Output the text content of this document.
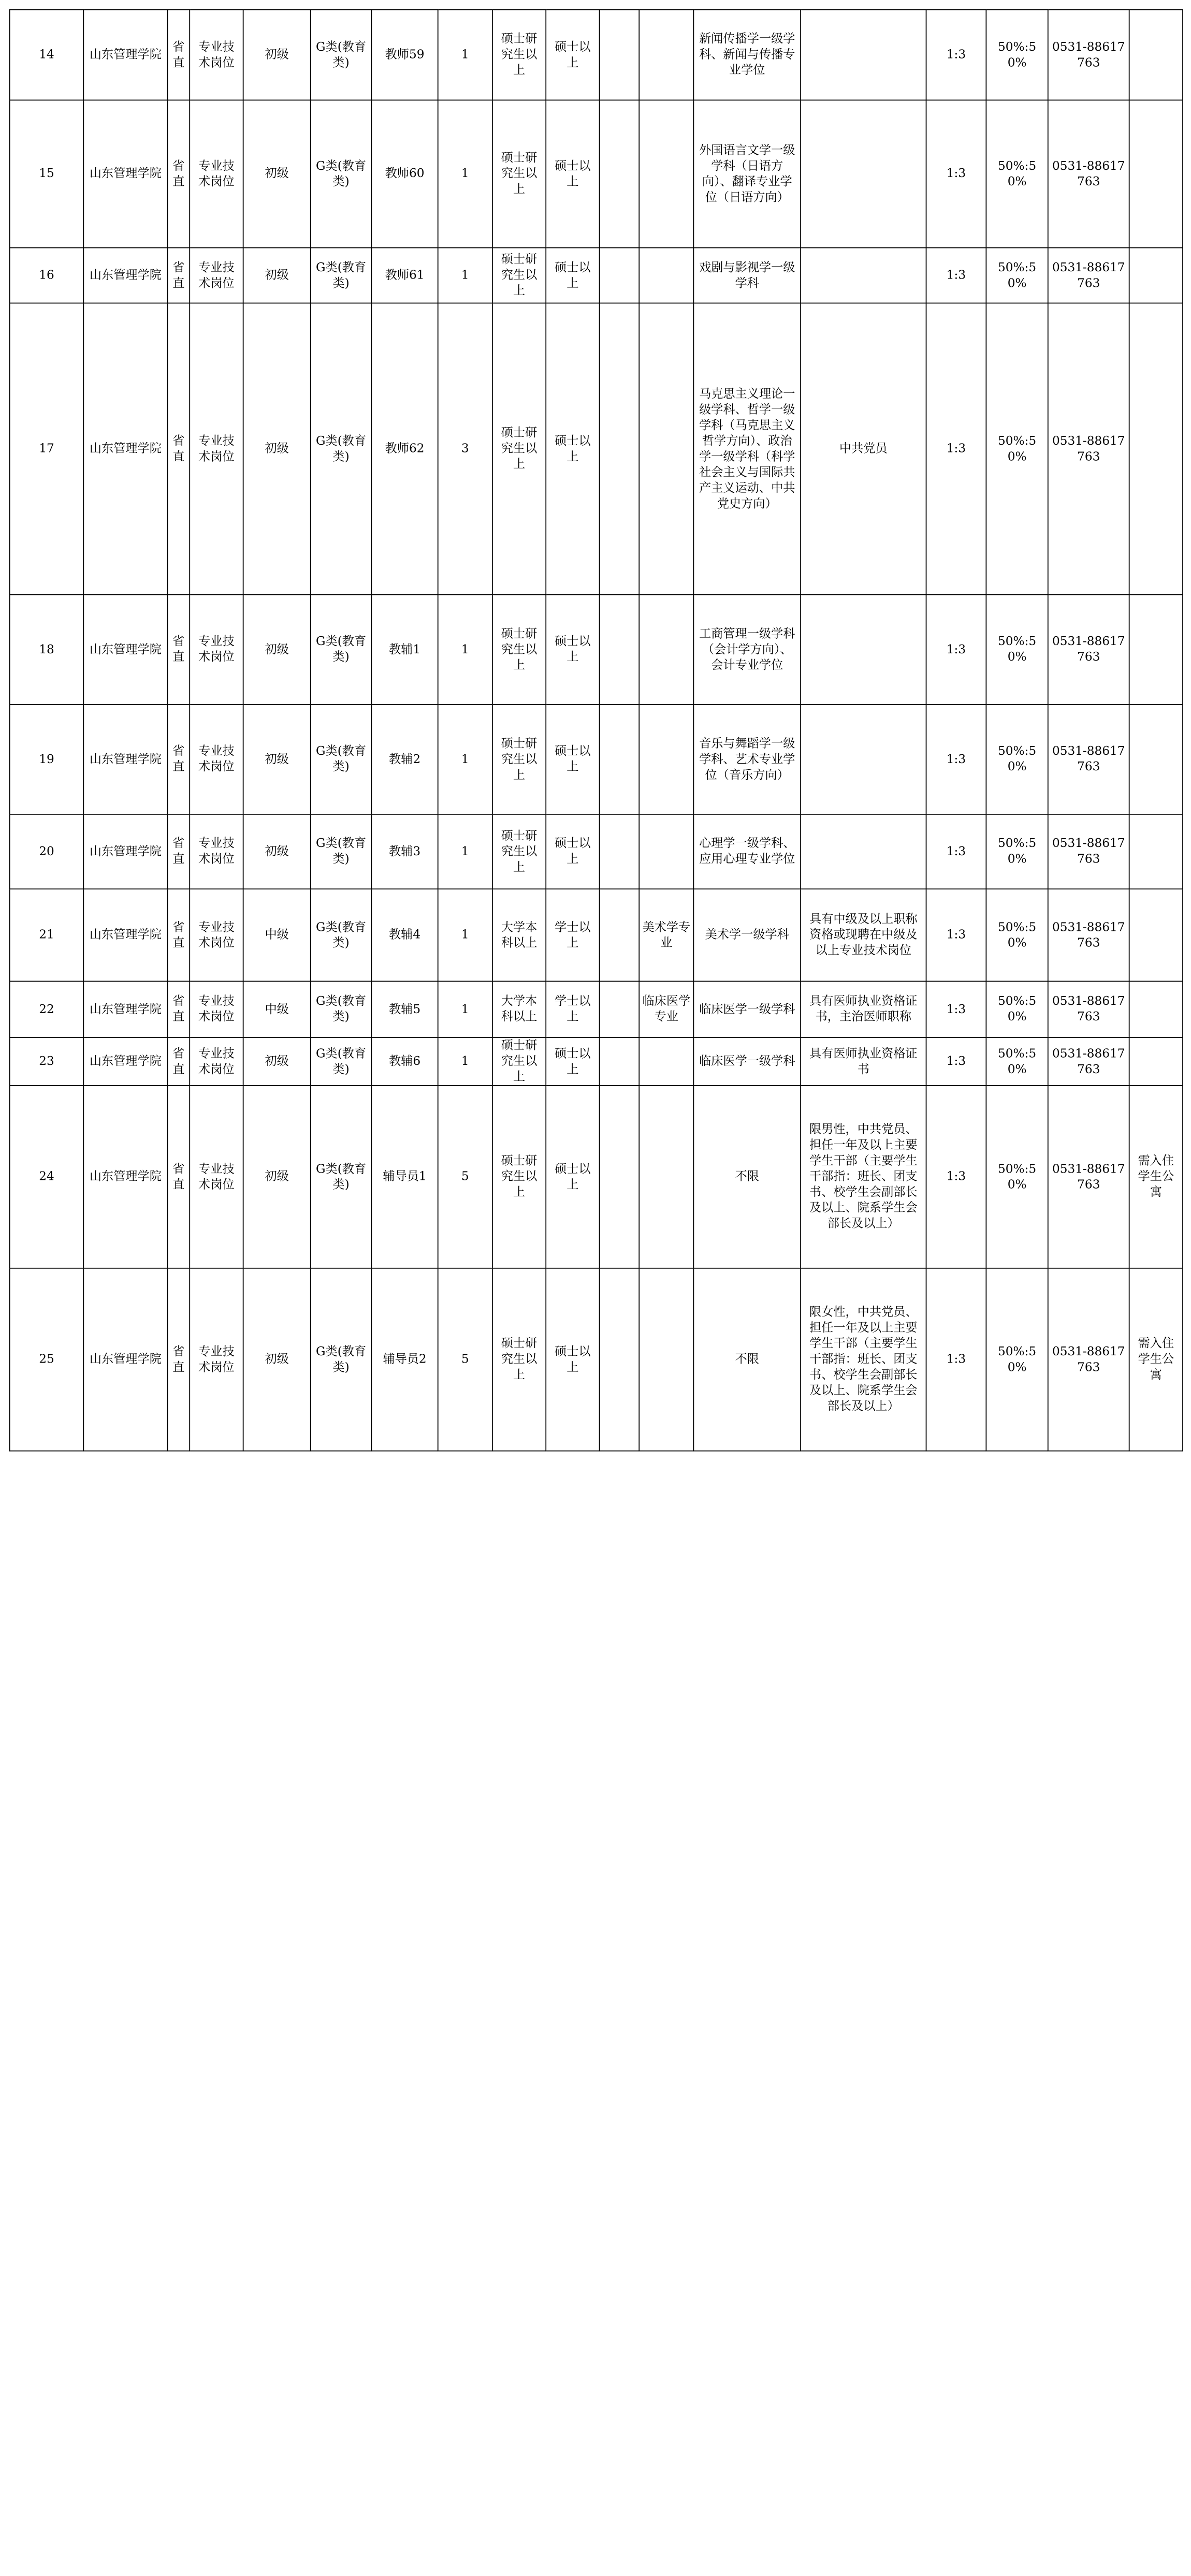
14	山东管理学院	省直	专业技术岗位	初级	G类(教育类)	教师59	1	硕士研究生以上	硕士以上			新闻传播学一级学科、新闻与传播专业学位		1:3	50%:50%	0531-88617763	
15	山东管理学院	省直	专业技术岗位	初级	G类(教育类)	教师60	1	硕士研究生以上	硕士以上			外国语言文学一级学科（日语方向）、翻译专业学位（日语方向）		1:3	50%:50%	0531-88617763	
16	山东管理学院	省直	专业技术岗位	初级	G类(教育类)	教师61	1	硕士研究生以上	硕士以上			戏剧与影视学一级学科		1:3	50%:50%	0531-88617763	
17	山东管理学院	省直	专业技术岗位	初级	G类(教育类)	教师62	3	硕士研究生以上	硕士以上			马克思主义理论一级学科、哲学一级学科（马克思主义哲学方向）、政治学一级学科（科学社会主义与国际共产主义运动、中共党史方向）	中共党员	1:3	50%:50%	0531-88617763	
18	山东管理学院	省直	专业技术岗位	初级	G类(教育类)	教辅1	1	硕士研究生以上	硕士以上			工商管理一级学科（会计学方向）、会计专业学位		1:3	50%:50%	0531-88617763	
19	山东管理学院	省直	专业技术岗位	初级	G类(教育类)	教辅2	1	硕士研究生以上	硕士以上			音乐与舞蹈学一级学科、艺术专业学位（音乐方向）		1:3	50%:50%	0531-88617763	
20	山东管理学院	省直	专业技术岗位	初级	G类(教育类)	教辅3	1	硕士研究生以上	硕士以上			心理学一级学科、应用心理专业学位		1:3	50%:50%	0531-88617763	
21	山东管理学院	省直	专业技术岗位	中级	G类(教育类)	教辅4	1	大学本科以上	学士以上		美术学专业	美术学一级学科	具有中级及以上职称资格或现聘在中级及以上专业技术岗位	1:3	50%:50%	0531-88617763	
22	山东管理学院	省直	专业技术岗位	中级	G类(教育类)	教辅5	1	大学本科以上	学士以上		临床医学专业	临床医学一级学科	具有医师执业资格证书，主治医师职称	1:3	50%:50%	0531-88617763	
23	山东管理学院	省直	专业技术岗位	初级	G类(教育类)	教辅6	1	硕士研究生以上	硕士以上			临床医学一级学科	具有医师执业资格证书	1:3	50%:50%	0531-88617763	
24	山东管理学院	省直	专业技术岗位	初级	G类(教育类)	辅导员1	5	硕士研究生以上	硕士以上			不限	限男性，中共党员、担任一年及以上主要学生干部（主要学生干部指：班长、团支书、校学生会副部长及以上、院系学生会部长及以上）	1:3	50%:50%	0531-88617763	需入住学生公寓
25	山东管理学院	省直	专业技术岗位	初级	G类(教育类)	辅导员2	5	硕士研究生以上	硕士以上			不限	限女性，中共党员、担任一年及以上主要学生干部（主要学生干部指：班长、团支书、校学生会副部长及以上、院系学生会部长及以上）	1:3	50%:50%	0531-88617763	需入住学生公寓
